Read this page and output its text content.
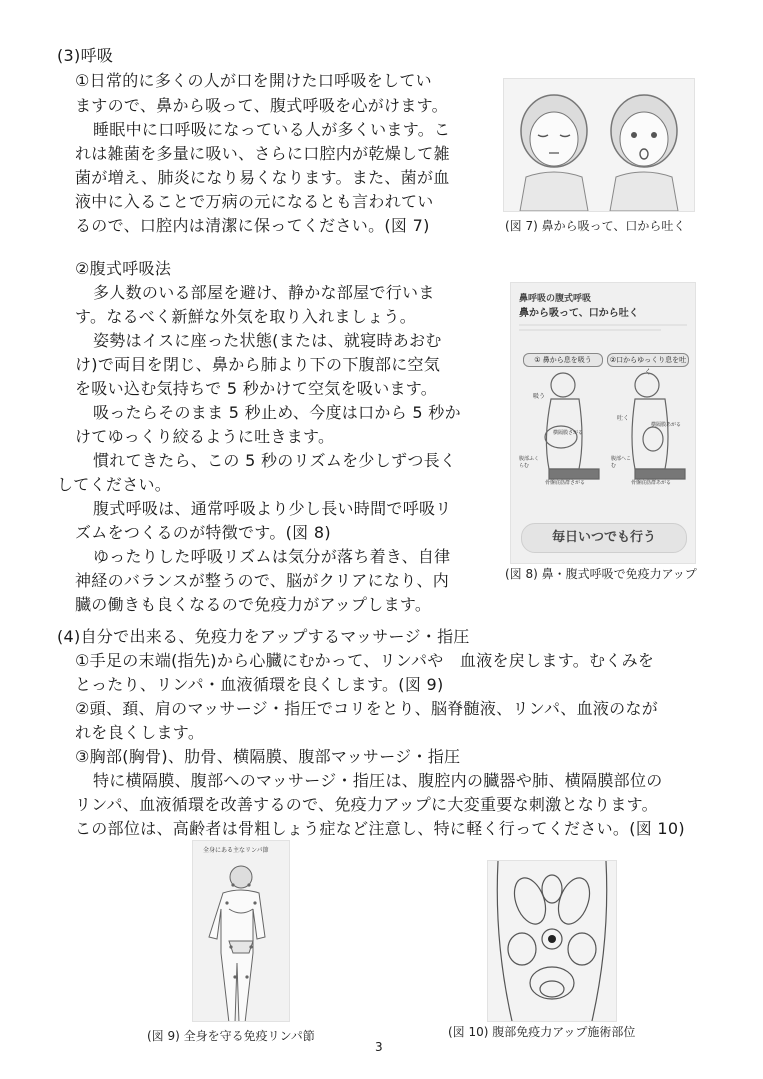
(3)呼吸
①日常的に多くの人が口を開けた口呼吸をしてい
ますので、鼻から吸って、腹式呼吸を心がけます。
睡眠中に口呼吸になっている人が多くいます。こ
れは雑菌を多量に吸い、さらに口腔内が乾燥して雑
菌が増え、肺炎になり易くなります。また、菌が血
液中に入ることで万病の元になるとも言われてい
るので、口腔内は清潔に保ってください。(図 7)	(図 7) 鼻から吸って、口から吐く
②腹式呼吸法
多人数のいる部屋を避け、静かな部屋で行いま
す。なるべく新鮮な外気を取り入れましょう。
姿勢はイスに座った状態(または、就寝時あおむ
け)で両目を閉じ、鼻から肺より下の下腹部に空気
を吸い込む気持ちで 5 秒かけて空気を吸います。
吸ったらそのまま 5 秒止め、今度は口から 5 秒か
けてゆっくり絞るように吐きます。
慣れてきたら、この 5 秒のリズムを少しずつ長く
してください。
腹式呼吸は、通常呼吸より少し長い時間で呼吸リ
ズムをつくるのが特徴です。(図 8)
ゆったりした呼吸リズムは気分が落ち着き、自律
神経のバランスが整うので、脳がクリアになり、内
臓の働きも良くなるので免疫力がアップします。
鼻呼吸の腹式呼吸
鼻から吸って、口から吐く
① 鼻から息を吸う	②口からゆっくり息を吐く
吸う
吐く
横隔膜さがる
横隔膜あがる
腹部ふくらむ
腹部へこむ
骨盤底筋群さがる	骨盤底筋群あがる
毎日いつでも行う
(図 8) 鼻・腹式呼吸で免疫力アップ
(4)自分で出来る、免疫力をアップするマッサージ・指圧
①手足の末端(指先)から心臓にむかって、リンパや　血液を戻します。むくみを
とったり、リンパ・血液循環を良くします。(図 9)
②頭、頚、肩のマッサージ・指圧でコリをとり、脳脊髄液、リンパ、血液のなが
れを良くします。
③胸部(胸骨)、肋骨、横隔膜、腹部マッサージ・指圧
特に横隔膜、腹部へのマッサージ・指圧は、腹腔内の臓器や肺、横隔膜部位の
リンパ、血液循環を改善するので、免疫力アップに大変重要な刺激となります。
この部位は、高齢者は骨粗しょう症など注意し、特に軽く行ってください。(図 10)
全身にある主なリンパ節
(図 9) 全身を守る免疫リンパ節	(図 10) 腹部免疫力アップ施術部位
3
